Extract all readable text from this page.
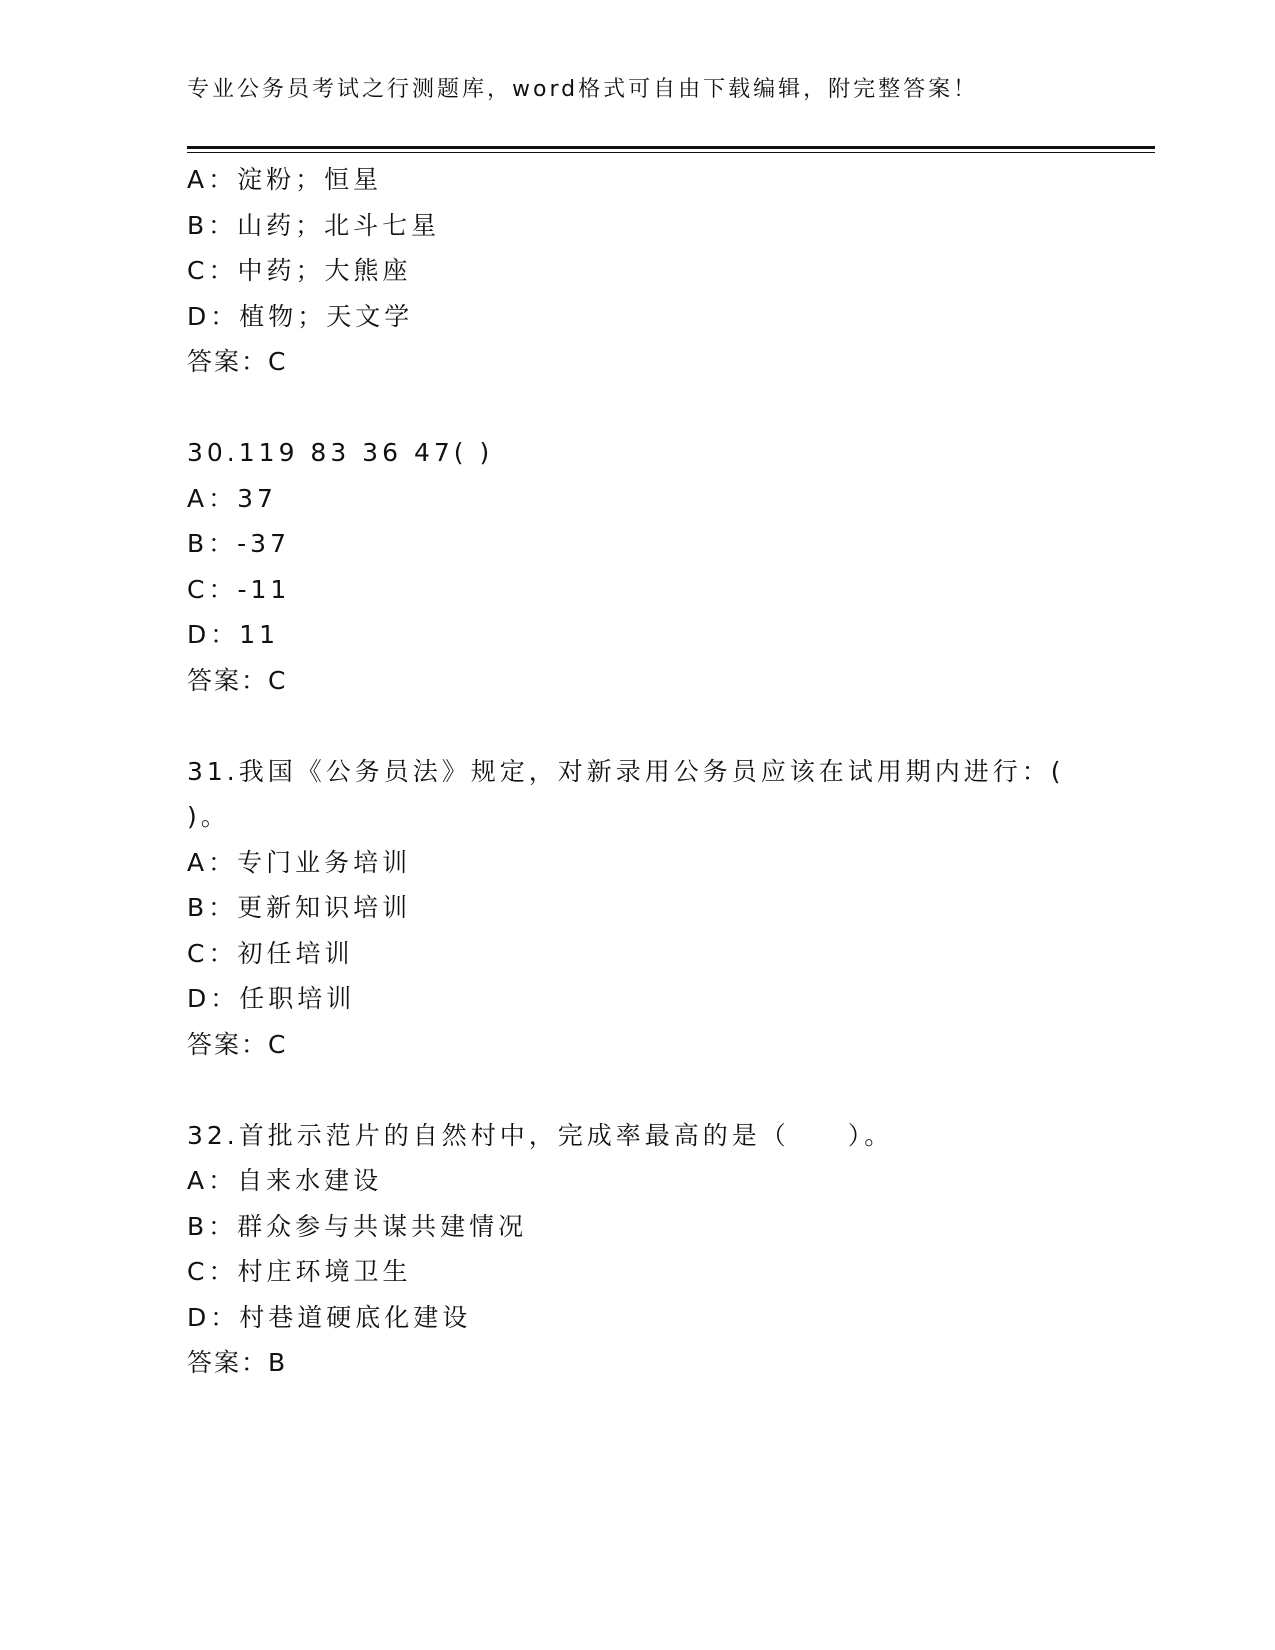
专业公务员考试之行测题库，word格式可自由下载编辑，附完整答案！
A：淀粉；恒星
B：山药；北斗七星
C：中药；大熊座
D：植物；天文学
答案：C
30.119 83 36 47( )
A：37
B：-37
C：-11
D：11
答案：C
31.我国《公务员法》规定，对新录用公务员应该在试用期内进行：(
)。
A：专门业务培训
B：更新知识培训
C：初任培训
D：任职培训
答案：C
32.首批示范片的自然村中，完成率最高的是（　　）。
A：自来水建设
B：群众参与共谋共建情况
C：村庄环境卫生
D：村巷道硬底化建设
答案：B
